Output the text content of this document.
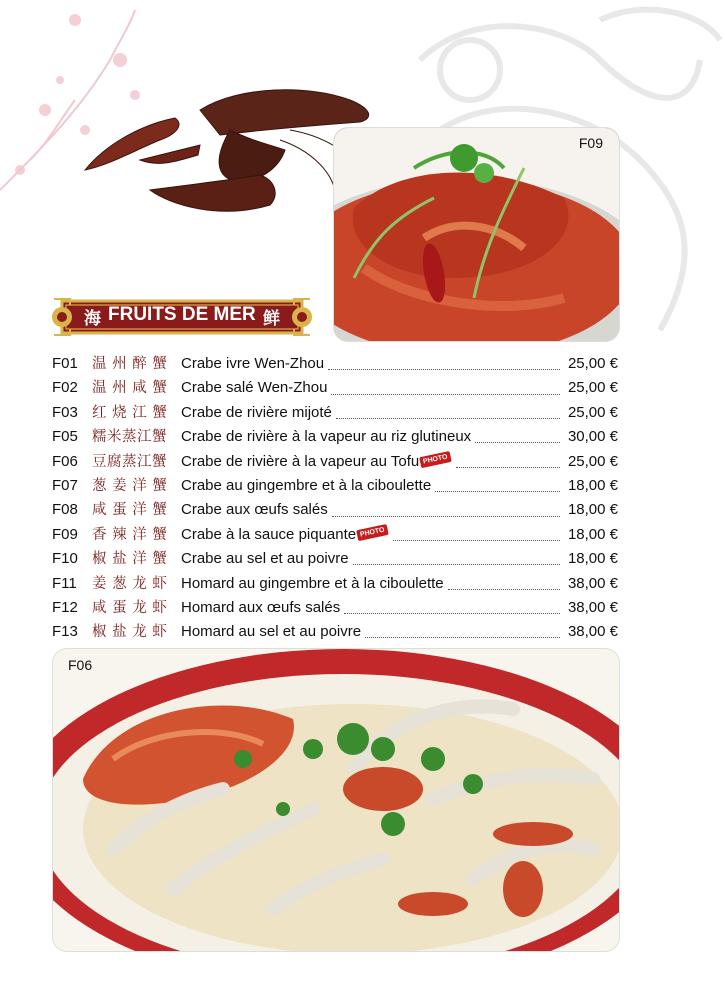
F09
海 FRUITS DE MER 鲜
F01 温 州 醉 蟹 Crabe ivre Wen-Zhou	25,00 €
F02 温 州 咸 蟹 Crabe salé Wen-Zhou	25,00 €
F03 红 烧 江 蟹 Crabe de rivière mijoté	25,00 €
F05 糯米蒸江蟹 Crabe de rivière à la vapeur au riz glutineux	30,00 €
F06 豆腐蒸江蟹 Crabe de rivière à la vapeur au Tofu PHOTO	25,00 €
F07 葱 姜 洋 蟹 Crabe au gingembre et à la ciboulette	18,00 €
F08 咸 蛋 洋 蟹 Crabe aux œufs salés	18,00 €
F09 香 辣 洋 蟹 Crabe à la sauce piquante PHOTO	18,00 €
F10 椒 盐 洋 蟹 Crabe au sel et au poivre	18,00 €
F11	姜 葱 龙 虾 Homard au gingembre et à la ciboulette	38,00 €
F12 咸 蛋 龙 虾 Homard aux œufs salés	38,00 €
F13 椒 盐 龙 虾 Homard au sel et au poivre	38,00 €
F06
